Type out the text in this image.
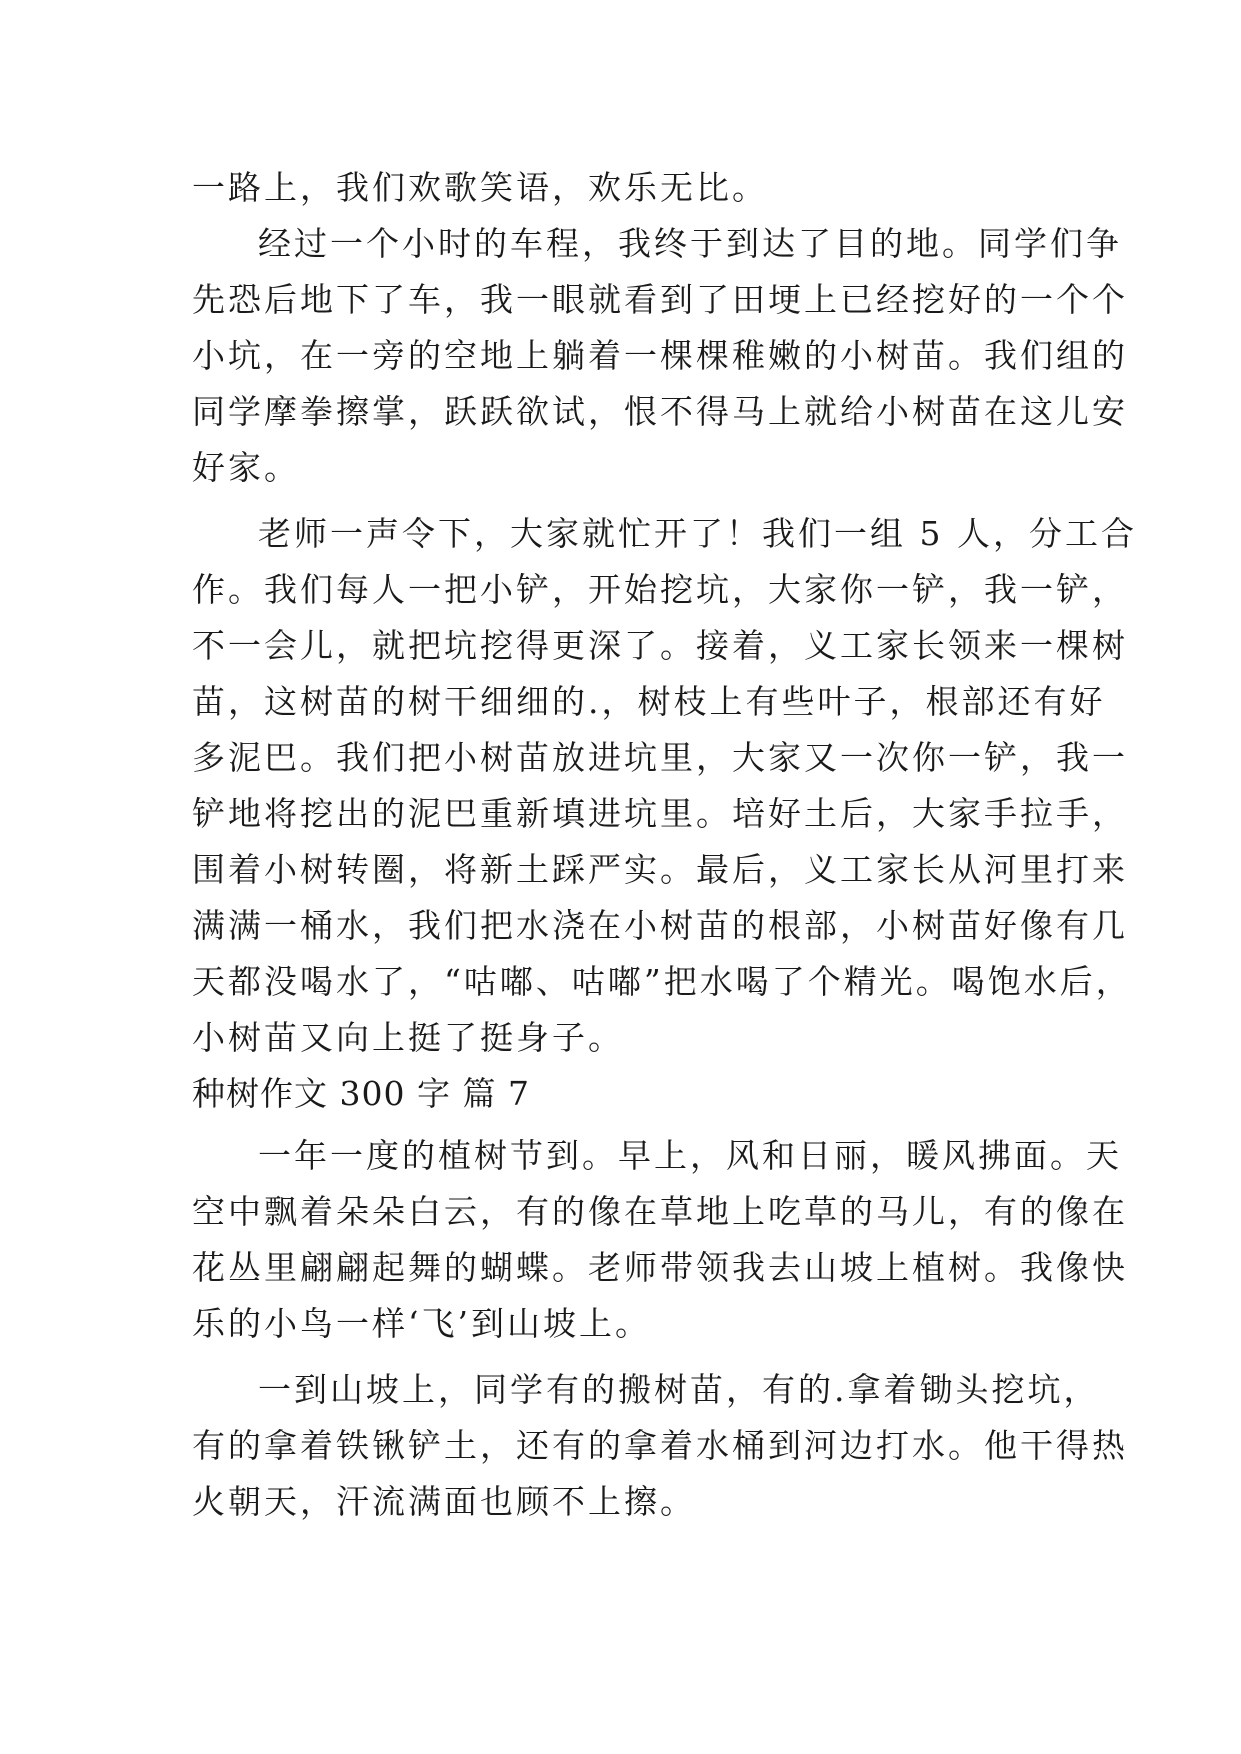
一路上，我们欢歌笑语，欢乐无比。

经过一个小时的车程，我终于到达了目的地。同学们争

先恐后地下了车，我一眼就看到了田埂上已经挖好的一个个

小坑，在一旁的空地上躺着一棵棵稚嫩的小树苗。我们组的

同学摩拳擦掌，跃跃欲试，恨不得马上就给小树苗在这儿安

好家。

老师一声令下，大家就忙开了！我们一组 5 人，分工合

作。我们每人一把小铲，开始挖坑，大家你一铲，我一铲，

不一会儿，就把坑挖得更深了。接着，义工家长领来一棵树

苗，这树苗的树干细细的.，树枝上有些叶子，根部还有好

多泥巴。我们把小树苗放进坑里，大家又一次你一铲，我一

铲地将挖出的泥巴重新填进坑里。培好土后，大家手拉手，

围着小树转圈，将新土踩严实。最后，义工家长从河里打来

满满一桶水，我们把水浇在小树苗的根部，小树苗好像有几

天都没喝水了，“咕嘟、咕嘟”把水喝了个精光。喝饱水后，

小树苗又向上挺了挺身子。

种树作文 300 字 篇 7

一年一度的植树节到。早上，风和日丽，暖风拂面。天

空中飘着朵朵白云，有的像在草地上吃草的马儿，有的像在

花丛里翩翩起舞的蝴蝶。老师带领我去山坡上植树。我像快

乐的小鸟一样‘飞’到山坡上。

一到山坡上，同学有的搬树苗，有的.拿着锄头挖坑，

有的拿着铁锹铲土，还有的拿着水桶到河边打水。他干得热

火朝天，汗流满面也顾不上擦。
